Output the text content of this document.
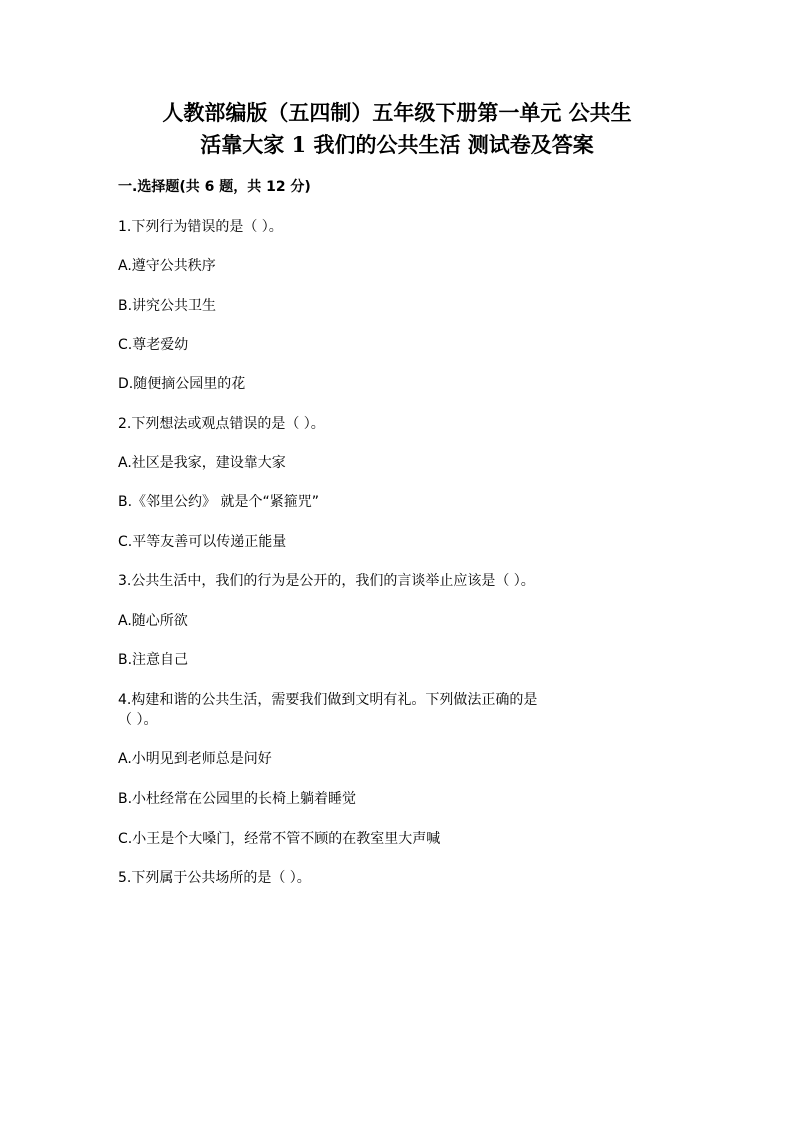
人教部编版（五四制）五年级下册第一单元 公共生
活靠大家 1 我们的公共生活 测试卷及答案

一.选择题(共 6 题，共 12 分)

1.下列行为错误的是（ ）。

A.遵守公共秩序

B.讲究公共卫生

C.尊老爱幼

D.随便摘公园里的花

2.下列想法或观点错误的是（ ）。

A.社区是我家，建设靠大家

B.《邻里公约》 就是个“紧箍咒”

C.平等友善可以传递正能量

3.公共生活中，我们的行为是公开的，我们的言谈举止应该是（ ）。

A.随心所欲

B.注意自己

4.构建和谐的公共生活，需要我们做到文明有礼。下列做法正确的是

（ ）。

A.小明见到老师总是问好

B.小杜经常在公园里的长椅上躺着睡觉

C.小王是个大嗓门，经常不管不顾的在教室里大声喊

5.下列属于公共场所的是（ ）。
